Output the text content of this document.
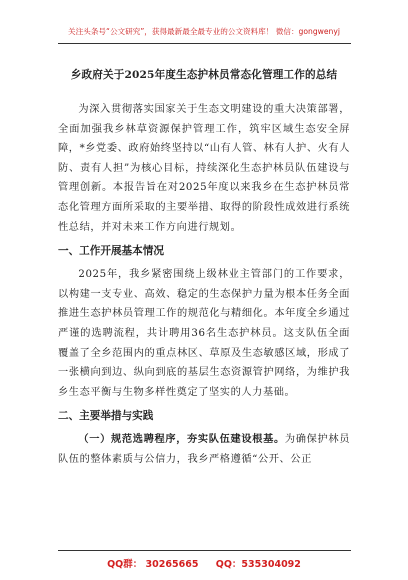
关注头条号“公文研究”，获得最新最全最专业的公文资料库！ 微信：gongwenyj
乡政府关于2025年度生态护林员常态化管理工作的总结

为深入贯彻落实国家关于生态文明建设的重大决策部署，全面加强我乡林草资源保护管理工作，筑牢区域生态安全屏障，*乡党委、政府始终坚持以“山有人管、林有人护、火有人防、责有人担”为核心目标，持续深化生态护林员队伍建设与管理创新。本报告旨在对2025年度以来我乡在生态护林员常态化管理方面所采取的主要举措、取得的阶段性成效进行系统性总结，并对未来工作方向进行规划。

一、工作开展基本情况

2025年，我乡紧密围绕上级林业主管部门的工作要求，以构建一支专业、高效、稳定的生态保护力量为根本任务全面推进生态护林员管理工作的规范化与精细化。本年度全乡通过严谨的选聘流程，共计聘用36名生态护林员。这支队伍全面覆盖了全乡范围内的重点林区、草原及生态敏感区域，形成了一张横向到边、纵向到底的基层生态资源管护网络，为维护我乡生态平衡与生物多样性奠定了坚实的人力基础。

二、主要举措与实践

（一）规范选聘程序，夯实队伍建设根基。为确保护林员队伍的整体素质与公信力，我乡严格遵循“公开、公正

QQ群： 30265665 QQ：535304092
